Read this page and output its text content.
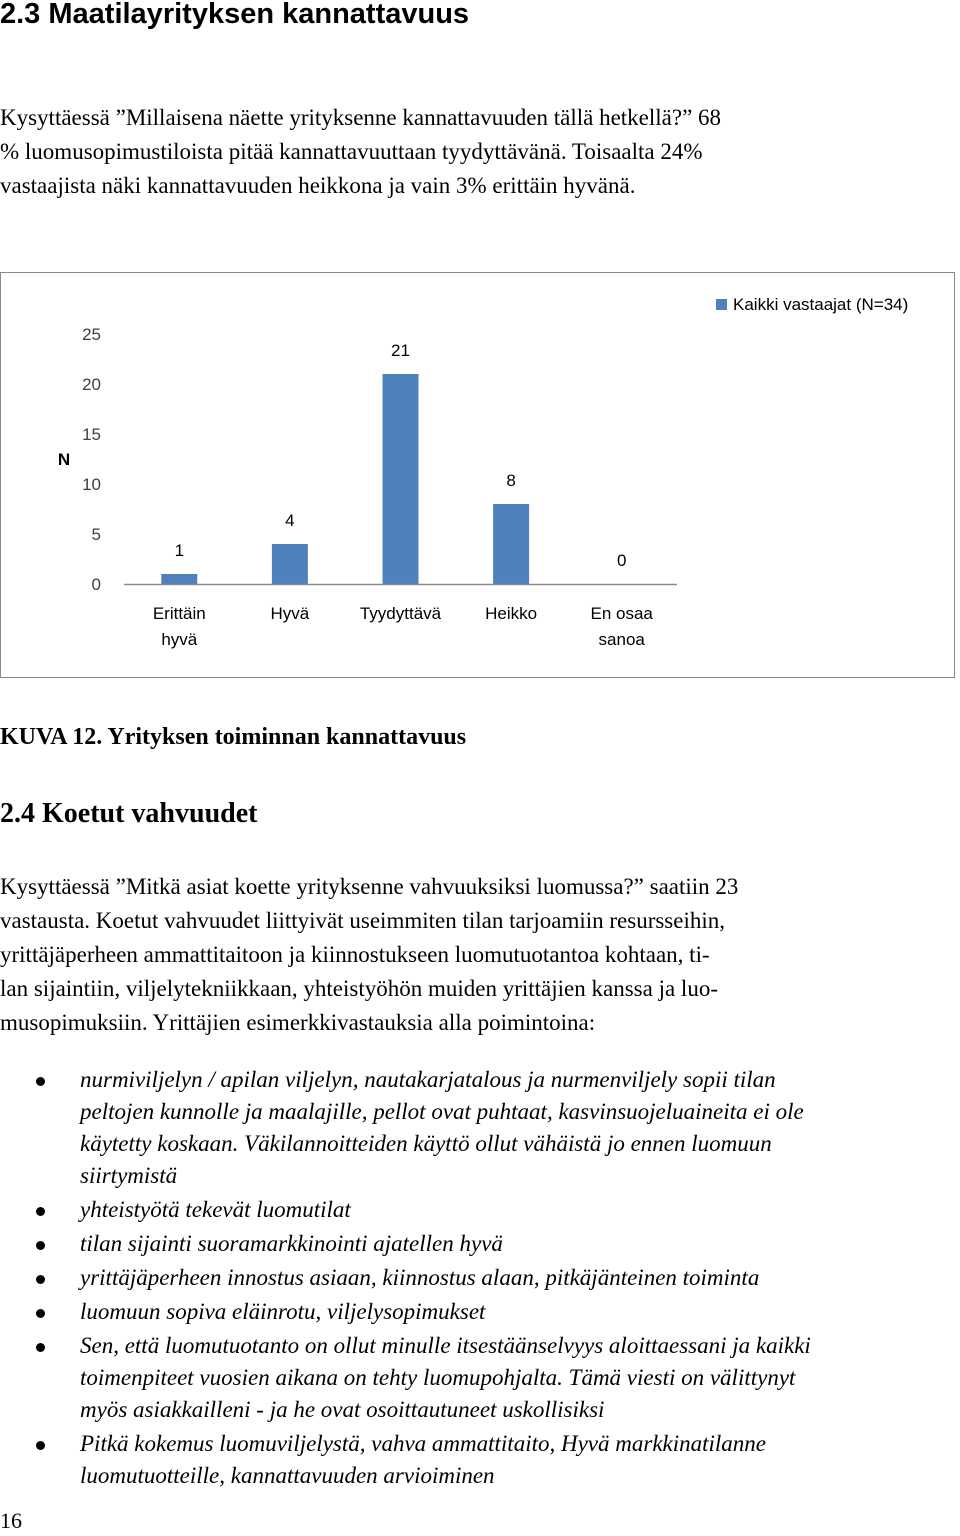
2.3 Maatilayrityksen kannattavuus

Kysyttäessä ”Millaisena näette yrityksenne kannattavuuden tällä hetkellä?” 68
% luomusopimustiloista pitää kannattavuuttaan tyydyttävänä. Toisaalta 24%
vastaajista näki kannattavuuden heikkona ja vain 3% erittäin hyvänä.

0
5
10
15
20
25
N
1
Erittäin
hyvä
4
Hyvä
21
Tyydyttävä
8
Heikko
0
En osaa
sanoa
Kaikki vastaajat (N=34)

KUVA 12. Yrityksen toiminnan kannattavuus

2.4 Koetut vahvuudet

Kysyttäessä ”Mitkä asiat koette yrityksenne vahvuuksiksi luomussa?” saatiin 23
vastausta. Koetut vahvuudet liittyivät useimmiten tilan tarjoamiin resursseihin,
yrittäjäperheen ammattitaitoon ja kiinnostukseen luomutuotantoa kohtaan, ti-
lan sijaintiin, viljelytekniikkaan, yhteistyöhön muiden yrittäjien kanssa ja luo-
musopimuksiin. Yrittäjien esimerkkivastauksia alla poimintoina:

nurmiviljelyn / apilan viljelyn, nautakarjatalous ja nurmenviljely sopii tilan
peltojen kunnolle ja maalajille, pellot ovat puhtaat, kasvinsuojeluaineita ei ole
käytetty koskaan. Väkilannoitteiden käyttö ollut vähäistä jo ennen luomuun
siirtymistä
yhteistyötä tekevät luomutilat
tilan sijainti suoramarkkinointi ajatellen hyvä
yrittäjäperheen innostus asiaan, kiinnostus alaan, pitkäjänteinen toiminta
luomuun sopiva eläinrotu, viljelysopimukset
Sen, että luomutuotanto on ollut minulle itsestäänselvyys aloittaessani ja kaikki
toimenpiteet vuosien aikana on tehty luomupohjalta. Tämä viesti on välittynyt
myös asiakkailleni - ja he ovat osoittautuneet uskollisiksi
Pitkä kokemus luomuviljelystä, vahva ammattitaito, Hyvä markkinatilanne
luomutuotteille, kannattavuuden arvioiminen
16
